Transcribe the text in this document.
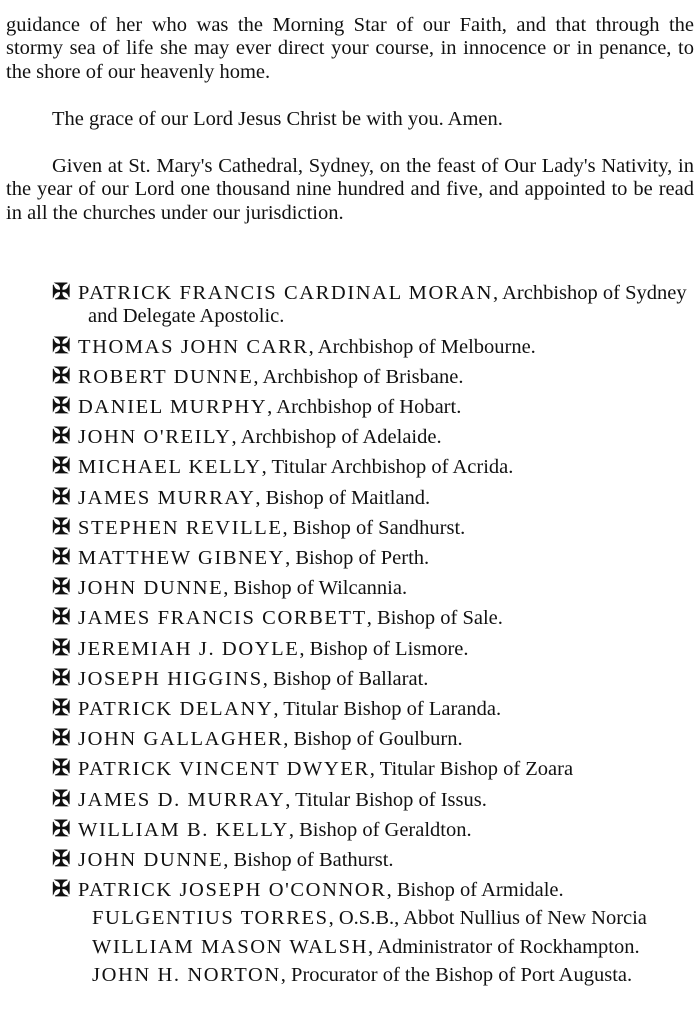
guidance of her who was the Morning Star of our Faith, and that through the stormy sea of life she may ever direct your course, in innocence or in penance, to the shore of our heavenly home.

The grace of our Lord Jesus Christ be with you. Amen.

Given at St. Mary's Cathedral, Sydney, on the feast of Our Lady's Nativity, in the year of our Lord one thousand nine hundred and five, and appointed to be read in all the churches under our jurisdiction.

✠ PATRICK FRANCIS CARDINAL MORAN, Archbishop of Sydney and Delegate Apostolic.
✠ THOMAS JOHN CARR, Archbishop of Melbourne.
✠ ROBERT DUNNE, Archbishop of Brisbane.
✠ DANIEL MURPHY, Archbishop of Hobart.
✠ JOHN O'REILY, Archbishop of Adelaide.
✠ MICHAEL KELLY, Titular Archbishop of Acrida.
✠ JAMES MURRAY, Bishop of Maitland.
✠ STEPHEN REVILLE, Bishop of Sandhurst.
✠ MATTHEW GIBNEY, Bishop of Perth.
✠ JOHN DUNNE, Bishop of Wilcannia.
✠ JAMES FRANCIS CORBETT, Bishop of Sale.
✠ JEREMIAH J. DOYLE, Bishop of Lismore.
✠ JOSEPH HIGGINS, Bishop of Ballarat.
✠ PATRICK DELANY, Titular Bishop of Laranda.
✠ JOHN GALLAGHER, Bishop of Goulburn.
✠ PATRICK VINCENT DWYER, Titular Bishop of Zoara
✠ JAMES D. MURRAY, Titular Bishop of Issus.
✠ WILLIAM B. KELLY, Bishop of Geraldton.
✠ JOHN DUNNE, Bishop of Bathurst.
✠ PATRICK JOSEPH O'CONNOR, Bishop of Armidale.
FULGENTIUS TORRES, O.S.B., Abbot Nullius of New Norcia
WILLIAM MASON WALSH, Administrator of Rockhampton.
JOHN H. NORTON, Procurator of the Bishop of Port Augusta.
